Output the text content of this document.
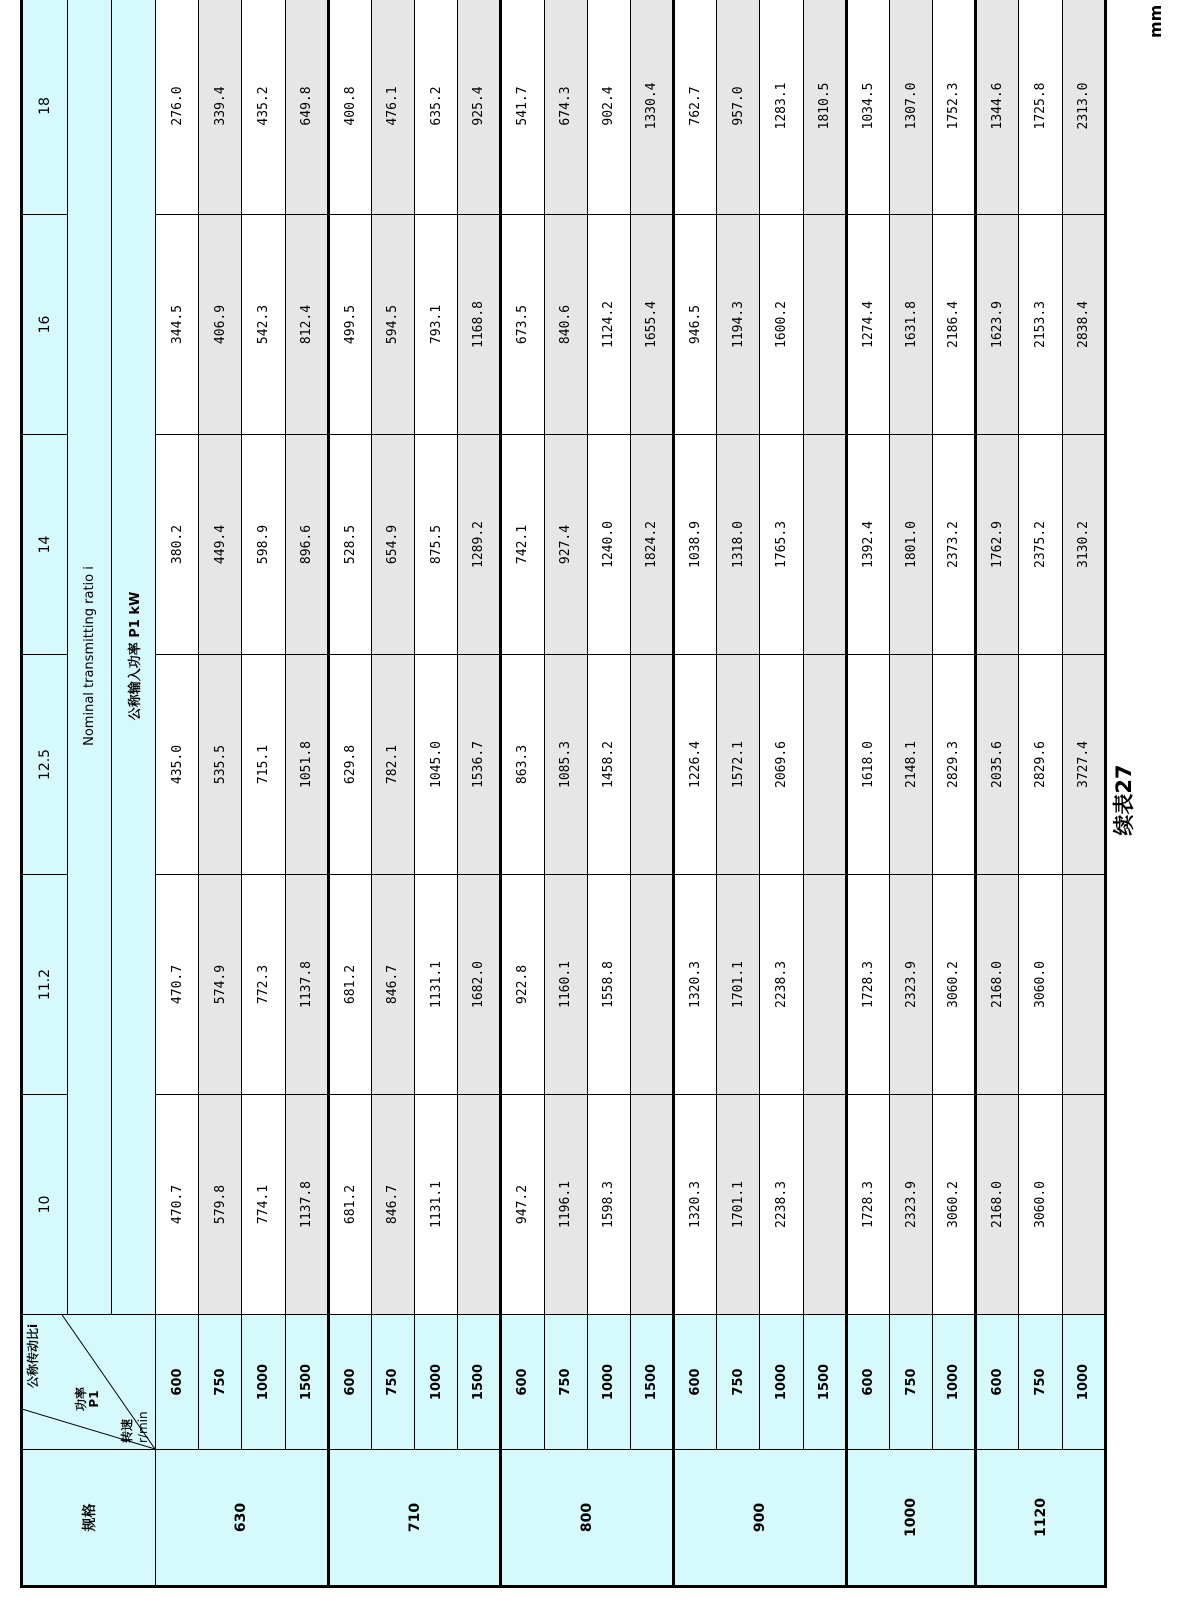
续表27
mm
规格	公称传动比i
功率P1
转速 r/min	10	11.2	12.5	14	16	18
		Nominal transmitting ratio i					
		公称输入功率 P1 kW					
630	600	470.7	470.7	435.0	380.2	344.5	276.0
	750	579.8	574.9	535.5	449.4	406.9	339.4
	1000	774.1	772.3	715.1	598.9	542.3	435.2
	1500	1137.8	1137.8	1051.8	896.6	812.4	649.8
710	600	681.2	681.2	629.8	528.5	499.5	400.8
	750	846.7	846.7	782.1	654.9	594.5	476.1
	1000	1131.1	1131.1	1045.0	875.5	793.1	635.2
	1500		1682.0	1536.7	1289.2	1168.8	925.4
800	600	947.2	922.8	863.3	742.1	673.5	541.7
	750	1196.1	1160.1	1085.3	927.4	840.6	674.3
	1000	1598.3	1558.8	1458.2	1240.0	1124.2	902.4
	1500				1824.2	1655.4	1330.4
900	600	1320.3	1320.3	1226.4	1038.9	946.5	762.7
	750	1701.1	1701.1	1572.1	1318.0	1194.3	957.0
	1000	2238.3	2238.3	2069.6	1765.3	1600.2	1283.1
	1500						1810.5
1000	600	1728.3	1728.3	1618.0	1392.4	1274.4	1034.5
	750	2323.9	2323.9	2148.1	1801.0	1631.8	1307.0
	1000	3060.2	3060.2	2829.3	2373.2	2186.4	1752.3
1120	600	2168.0	2168.0	2035.6	1762.9	1623.9	1344.6
	750	3060.0	3060.0	2829.6	2375.2	2153.3	1725.8
	1000			3727.4	3130.2	2838.4	2313.0
